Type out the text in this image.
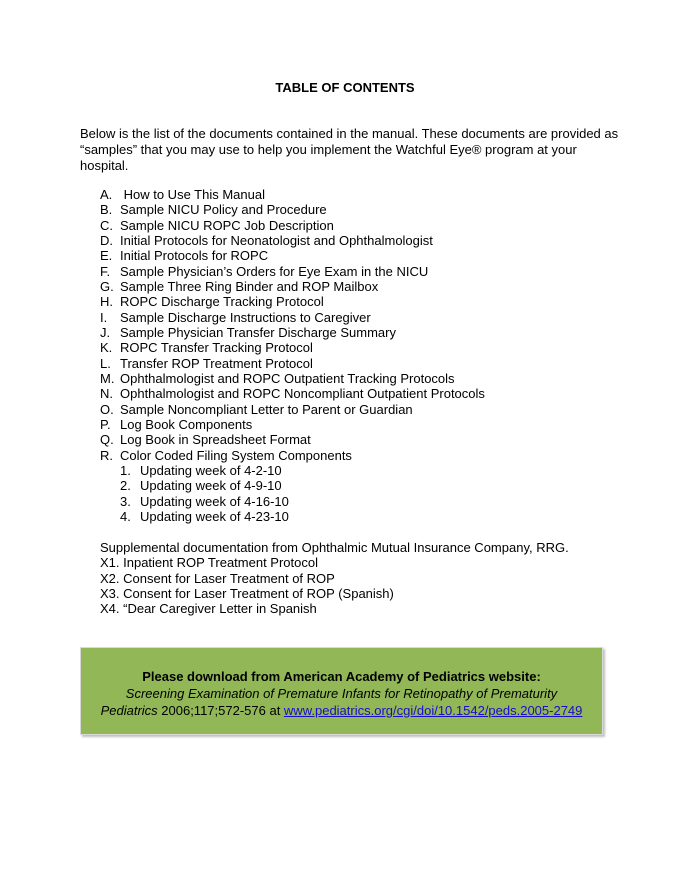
TABLE OF CONTENTS
Below is the list of the documents contained in the manual. These documents are provided as “samples” that you may use to help you implement the Watchful Eye® program at your hospital.
A. How to Use This Manual
B. Sample NICU Policy and Procedure
C. Sample NICU ROPC Job Description
D. Initial Protocols for Neonatologist and Ophthalmologist
E. Initial Protocols for ROPC
F. Sample Physician’s Orders for Eye Exam in the NICU
G. Sample Three Ring Binder and ROP Mailbox
H. ROPC Discharge Tracking Protocol
I. Sample Discharge Instructions to Caregiver
J. Sample Physician Transfer Discharge Summary
K. ROPC Transfer Tracking Protocol
L. Transfer ROP Treatment Protocol
M. Ophthalmologist and ROPC Outpatient Tracking Protocols
N. Ophthalmologist and ROPC Noncompliant Outpatient Protocols
O. Sample Noncompliant Letter to Parent or Guardian
P. Log Book Components
Q. Log Book in Spreadsheet Format
R. Color Coded Filing System Components
1. Updating week of 4-2-10
2. Updating week of 4-9-10
3. Updating week of 4-16-10
4. Updating week of 4-23-10
Supplemental documentation from Ophthalmic Mutual Insurance Company, RRG.
X1. Inpatient ROP Treatment Protocol
X2. Consent for Laser Treatment of ROP
X3. Consent for Laser Treatment of ROP (Spanish)
X4. “Dear Caregiver Letter in Spanish
Please download from American Academy of Pediatrics website:
Screening Examination of Premature Infants for Retinopathy of Prematurity
Pediatrics 2006;117;572-576 at www.pediatrics.org/cgi/doi/10.1542/peds.2005-2749
